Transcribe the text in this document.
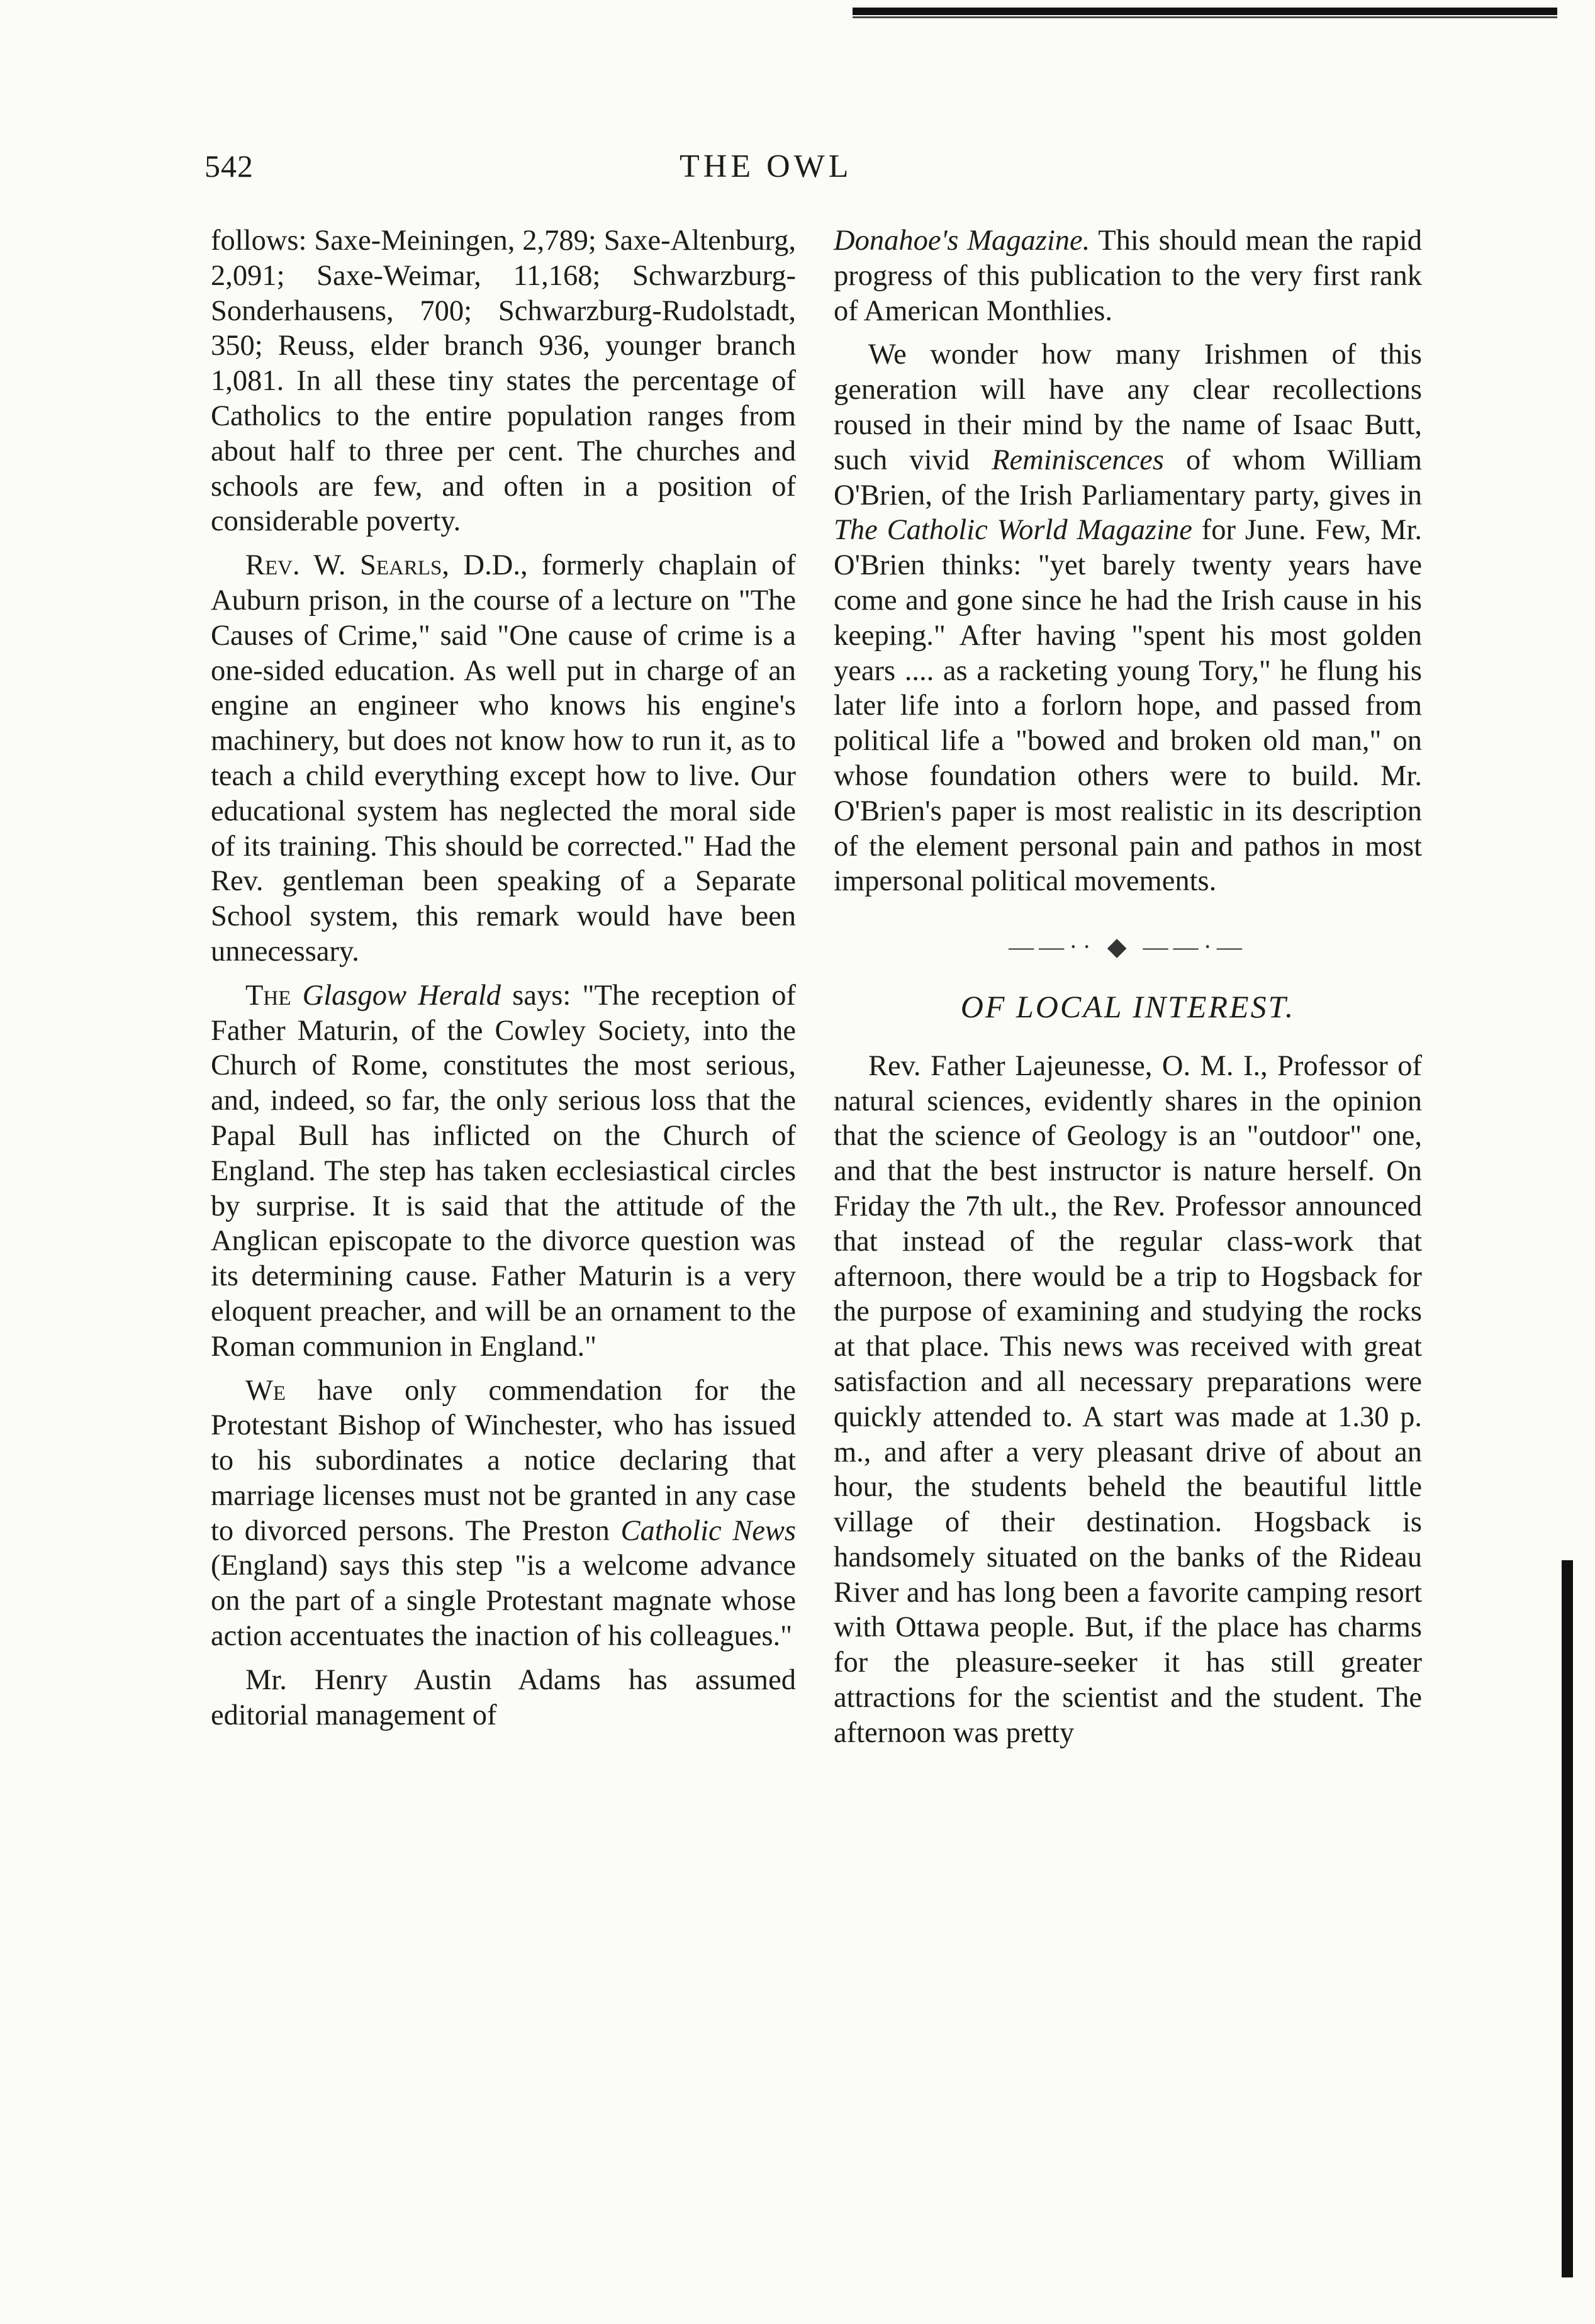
542	THE OWL

follows: Saxe-Meiningen, 2,789; Saxe-Altenburg, 2,091; Saxe-Weimar, 11,168; Schwarzburg-Sonderhausens, 700; Schwarzburg-Rudolstadt, 350; Reuss, elder branch 936, younger branch 1,081. In all these tiny states the percentage of Catholics to the entire population ranges from about half to three per cent. The churches and schools are few, and often in a position of considerable poverty.

Rev. W. Searls, D.D., formerly chaplain of Auburn prison, in the course of a lecture on "The Causes of Crime," said "One cause of crime is a one-sided education. As well put in charge of an engine an engineer who knows his engine's machinery, but does not know how to run it, as to teach a child everything except how to live. Our educational system has neglected the moral side of its training. This should be corrected." Had the Rev. gentleman been speaking of a Separate School system, this remark would have been unnecessary.

The Glasgow Herald says: "The reception of Father Maturin, of the Cowley Society, into the Church of Rome, constitutes the most serious, and, indeed, so far, the only serious loss that the Papal Bull has inflicted on the Church of England. The step has taken ecclesiastical circles by surprise. It is said that the attitude of the Anglican episcopate to the divorce question was its determining cause. Father Maturin is a very eloquent preacher, and will be an ornament to the Roman communion in England."

We have only commendation for the Protestant Bishop of Winchester, who has issued to his subordinates a notice declaring that marriage licenses must not be granted in any case to divorced persons. The Preston Catholic News (England) says this step "is a welcome advance on the part of a single Protestant magnate whose action accentuates the inaction of his colleagues."

Mr. Henry Austin Adams has assumed editorial management of

Donahoe's Magazine. This should mean the rapid progress of this publication to the very first rank of American Monthlies.

We wonder how many Irishmen of this generation will have any clear recollections roused in their mind by the name of Isaac Butt, such vivid Reminiscences of whom William O'Brien, of the Irish Parliamentary party, gives in The Catholic World Magazine for June. Few, Mr. O'Brien thinks: "yet barely twenty years have come and gone since he had the Irish cause in his keeping." After having "spent his most golden years .... as a racketing young Tory," he flung his later life into a forlorn hope, and passed from political life a "bowed and broken old man," on whose foundation others were to build. Mr. O'Brien's paper is most realistic in its description of the element personal pain and pathos in most impersonal political movements.

——·· ◆ ——·—
OF LOCAL INTEREST.

Rev. Father Lajeunesse, O. M. I., Professor of natural sciences, evidently shares in the opinion that the science of Geology is an "outdoor" one, and that the best instructor is nature herself. On Friday the 7th ult., the Rev. Professor announced that instead of the regular class-work that afternoon, there would be a trip to Hogsback for the purpose of examining and studying the rocks at that place. This news was received with great satisfaction and all necessary preparations were quickly attended to. A start was made at 1.30 p. m., and after a very pleasant drive of about an hour, the students beheld the beautiful little village of their destination. Hogsback is handsomely situated on the banks of the Rideau River and has long been a favorite camping resort with Ottawa people. But, if the place has charms for the pleasure-seeker it has still greater attractions for the scientist and the student. The afternoon was pretty
